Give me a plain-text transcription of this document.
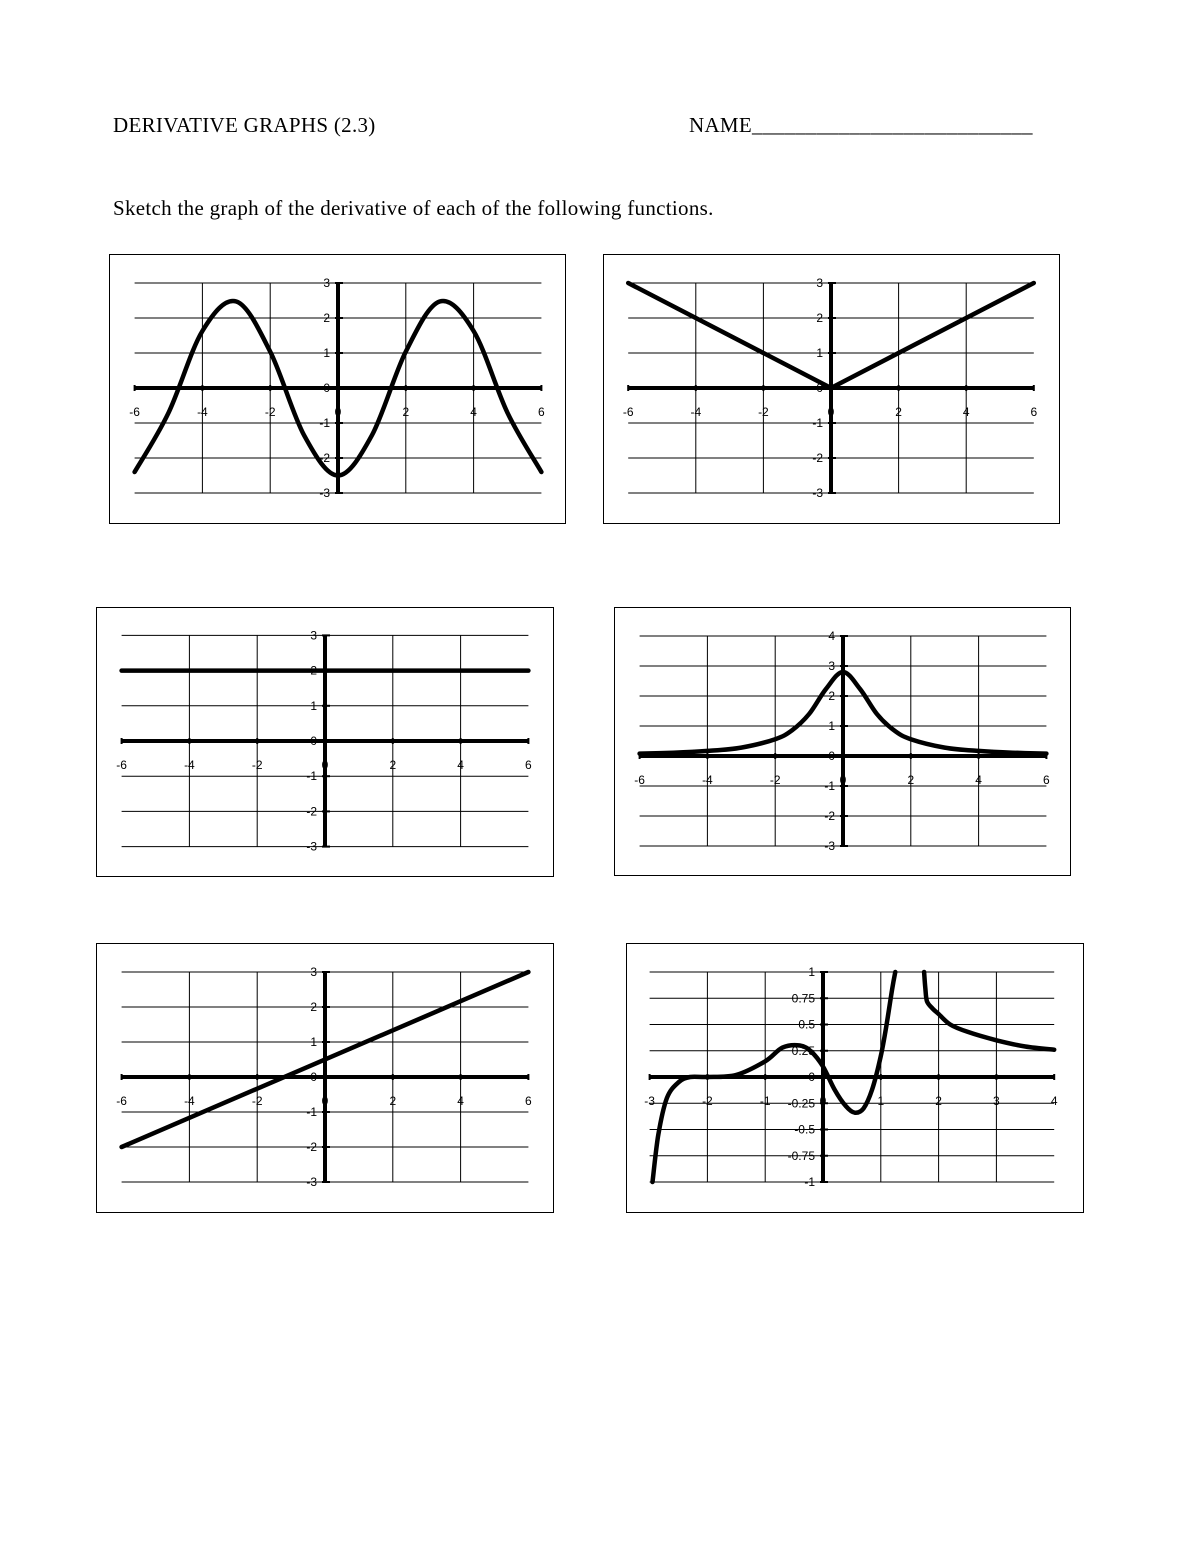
DERIVATIVE GRAPHS (2.3)	NAME__________________________
Sketch the graph of the derivative of each of the following functions.
-3
-2
-1
0
1
2
3
-6	-4	-2	0	2	4	6
-3
-2
-1
0
1
2
3
-6	-4	-2	0	2	4	6
-3
-2
-1
0
1
2
3
-6	-4	-2	0	2	4	6
-3
-2
-1
0
1
2
3
4
-6	-4	-2	0	2	4	6
-3
-2
-1
0
1
2
3
-6	-4	-2	0	2	4	6
-1
-0.75
-0.5
-0.25
0
0.25
0.5
0.75
1
-3	-2	-1	0	1	2	3	4
